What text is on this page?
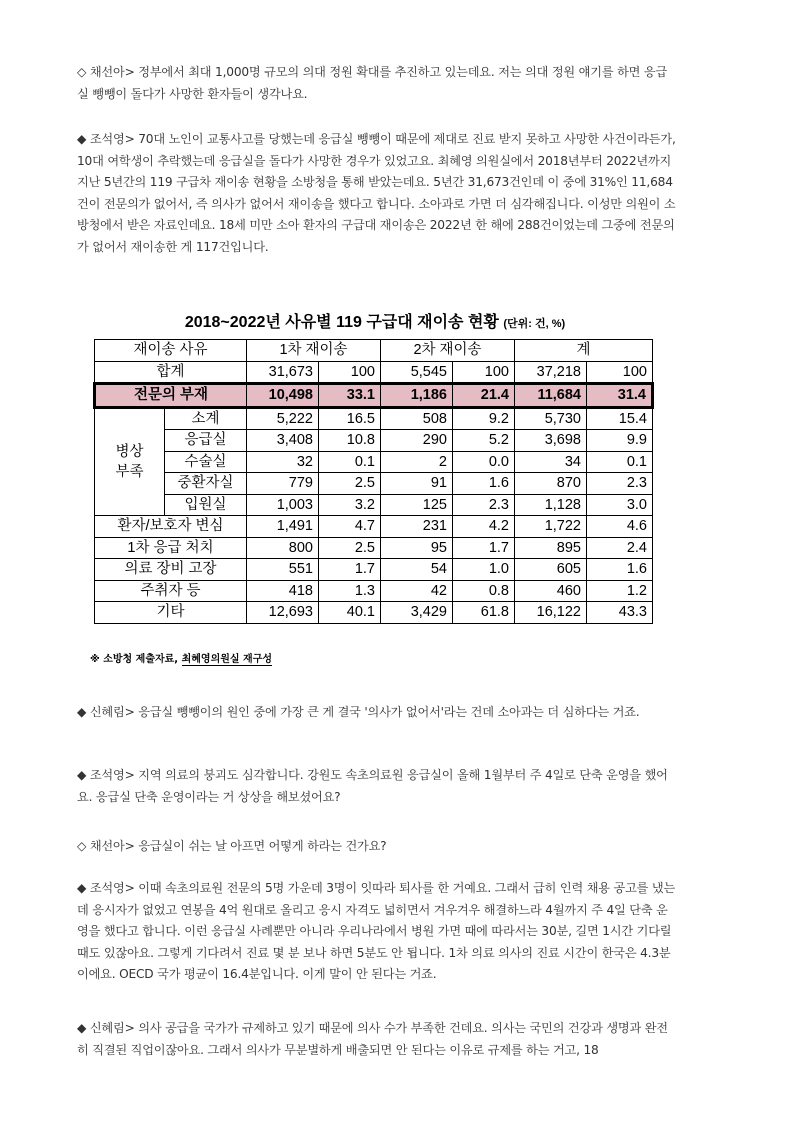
◇ 채선아> 정부에서 최대 1,000명 규모의 의대 정원 확대를 추진하고 있는데요. 저는 의대 정원 얘기를 하면 응급실 뺑뺑이 돌다가 사망한 환자들이 생각나요.

◆ 조석영> 70대 노인이 교통사고를 당했는데 응급실 뺑뺑이 때문에 제대로 진료 받지 못하고 사망한 사건이라든가, 10대 여학생이 추락했는데 응급실을 돌다가 사망한 경우가 있었고요. 최혜영 의원실에서 2018년부터 2022년까지 지난 5년간의 119 구급차 재이송 현황을 소방청을 통해 받았는데요. 5년간 31,673건인데 이 중에 31%인 11,684건이 전문의가 없어서, 즉 의사가 없어서 재이송을 했다고 합니다. 소아과로 가면 더 심각해집니다. 이성만 의원이 소방청에서 받은 자료인데요. 18세 미만 소아 환자의 구급대 재이송은 2022년 한 해에 288건이었는데 그중에 전문의가 없어서 재이송한 게 117건입니다.

2018~2022년 사유별 119 구급대 재이송 현황 (단위: 건, %)
재이송 사유		1차 재이송		2차 재이송		계	
합계		31,673	100	5,545	100	37,218	100
전문의 부재		10,498	33.1	1,186	21.4	11,684	31.4
병상
부족	소계	5,222	16.5	508	9.2	5,730	15.4
	응급실	3,408	10.8	290	5.2	3,698	9.9
	수술실	32	0.1	2	0.0	34	0.1
	중환자실	779	2.5	91	1.6	870	2.3
	입원실	1,003	3.2	125	2.3	1,128	3.0
환자/보호자 변심		1,491	4.7	231	4.2	1,722	4.6
1차 응급 처치		800	2.5	95	1.7	895	2.4
의료 장비 고장		551	1.7	54	1.0	605	1.6
주취자 등		418	1.3	42	0.8	460	1.2
기타		12,693	40.1	3,429	61.8	16,122	43.3
※ 소방청 제출자료, 최혜영의원실 재구성

◆ 신혜림> 응급실 뺑뺑이의 원인 중에 가장 큰 게 결국 '의사가 없어서'라는 건데 소아과는 더 심하다는 거죠.

◆ 조석영> 지역 의료의 붕괴도 심각합니다. 강원도 속초의료원 응급실이 올해 1월부터 주 4일로 단축 운영을 했어요. 응급실 단축 운영이라는 거 상상을 해보셨어요?

◇ 채선아> 응급실이 쉬는 날 아프면 어떻게 하라는 건가요?

◆ 조석영> 이때 속초의료원 전문의 5명 가운데 3명이 잇따라 퇴사를 한 거예요. 그래서 급히 인력 채용 공고를 냈는데 응시자가 없었고 연봉을 4억 원대로 올리고 응시 자격도 넓히면서 겨우겨우 해결하느라 4월까지 주 4일 단축 운영을 했다고 합니다. 이런 응급실 사례뿐만 아니라 우리나라에서 병원 가면 때에 따라서는 30분, 길면 1시간 기다릴 때도 있잖아요. 그렇게 기다려서 진료 몇 분 보나 하면 5분도 안 됩니다. 1차 의료 의사의 진료 시간이 한국은 4.3분이에요. OECD 국가 평균이 16.4분입니다. 이게 말이 안 된다는 거죠.

◆ 신혜림> 의사 공급을 국가가 규제하고 있기 때문에 의사 수가 부족한 건데요. 의사는 국민의 건강과 생명과 완전히 직결된 직업이잖아요. 그래서 의사가 무분별하게 배출되면 안 된다는 이유로 규제를 하는 거고, 18
